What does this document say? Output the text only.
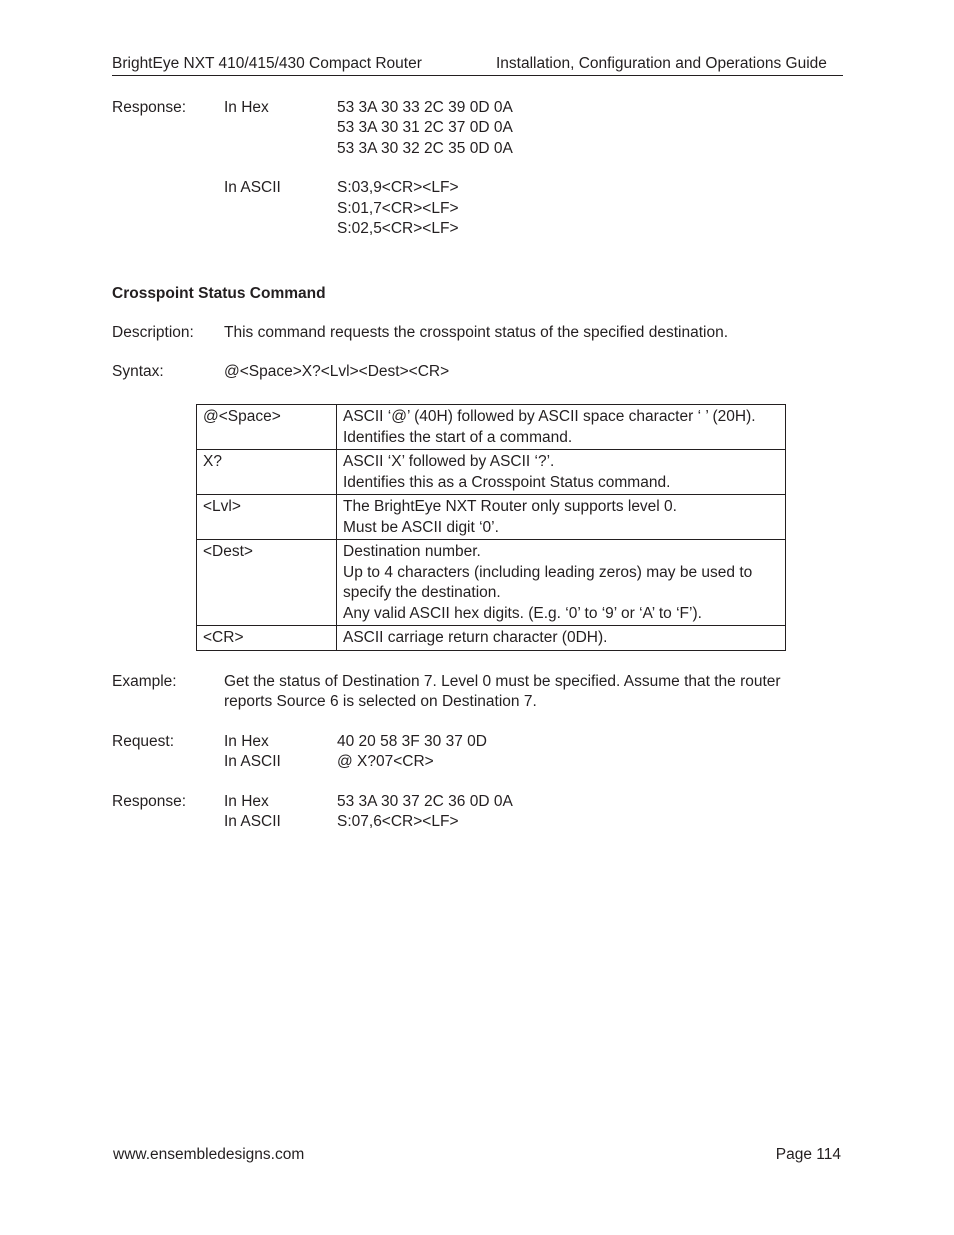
BrightEye NXT 410/415/430 Compact Router	Installation, Configuration and Operations Guide
Response: In Hex	53 3A 30 33 2C 39 0D 0A
53 3A 30 31 2C 37 0D 0A
53 3A 30 32 2C 35 0D 0A
In ASCII	S:03,9<CR><LF>
S:01,7<CR><LF>
S:02,5<CR><LF>
Crosspoint Status Command
Description: This command requests the crosspoint status of the specified destination.
Syntax:	@<Space>X?<Lvl><Dest><CR>
@<Space>	ASCII ‘@’ (40H) followed by ASCII space character ‘ ’ (20H).
Identifies the start of a command.

X?	ASCII ‘X’ followed by ASCII ‘?’.
Identifies this as a Crosspoint Status command.

<Lvl>	The BrightEye NXT Router only supports level 0.
Must be ASCII digit ‘0’.

<Dest>	Destination number.
Up to 4 characters (including leading zeros) may be used to
specify the destination.
Any valid ASCII hex digits. (E.g. ‘0’ to ‘9’ or ‘A’ to ‘F’).

<CR>	ASCII carriage return character (0DH).
Example:	Get the status of Destination 7. Level 0 must be specified. Assume that the router
reports Source 6 is selected on Destination 7.
Request:	In Hex	40 20 58 3F 30 37 0D
In ASCII	@ X?07<CR>
Response: In Hex	53 3A 30 37 2C 36 0D 0A
In ASCII	S:07,6<CR><LF>
www.ensembledesigns.com	Page 114
